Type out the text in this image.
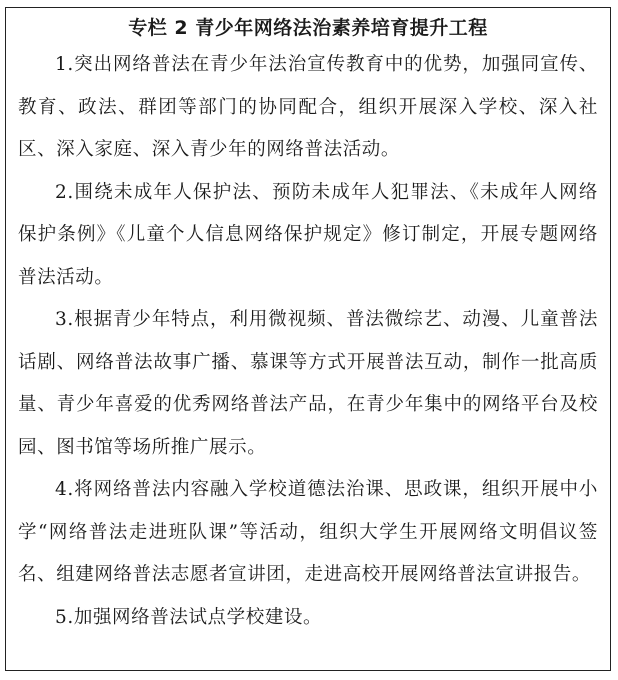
专栏 2 青少年网络法治素养培育提升工程

1.突出网络普法在青少年法治宣传教育中的优势，加强同宣传、教育、政法、群团等部门的协同配合，组织开展深入学校、深入社区、深入家庭、深入青少年的网络普法活动。

2.围绕未成年人保护法、预防未成年人犯罪法、《未成年人网络保护条例》《儿童个人信息网络保护规定》修订制定，开展专题网络普法活动。

3.根据青少年特点，利用微视频、普法微综艺、动漫、儿童普法话剧、网络普法故事广播、慕课等方式开展普法互动，制作一批高质量、青少年喜爱的优秀网络普法产品，在青少年集中的网络平台及校园、图书馆等场所推广展示。

4.将网络普法内容融入学校道德法治课、思政课，组织开展中小学“网络普法走进班队课”等活动，组织大学生开展网络文明倡议签名、组建网络普法志愿者宣讲团，走进高校开展网络普法宣讲报告。

5.加强网络普法试点学校建设。
